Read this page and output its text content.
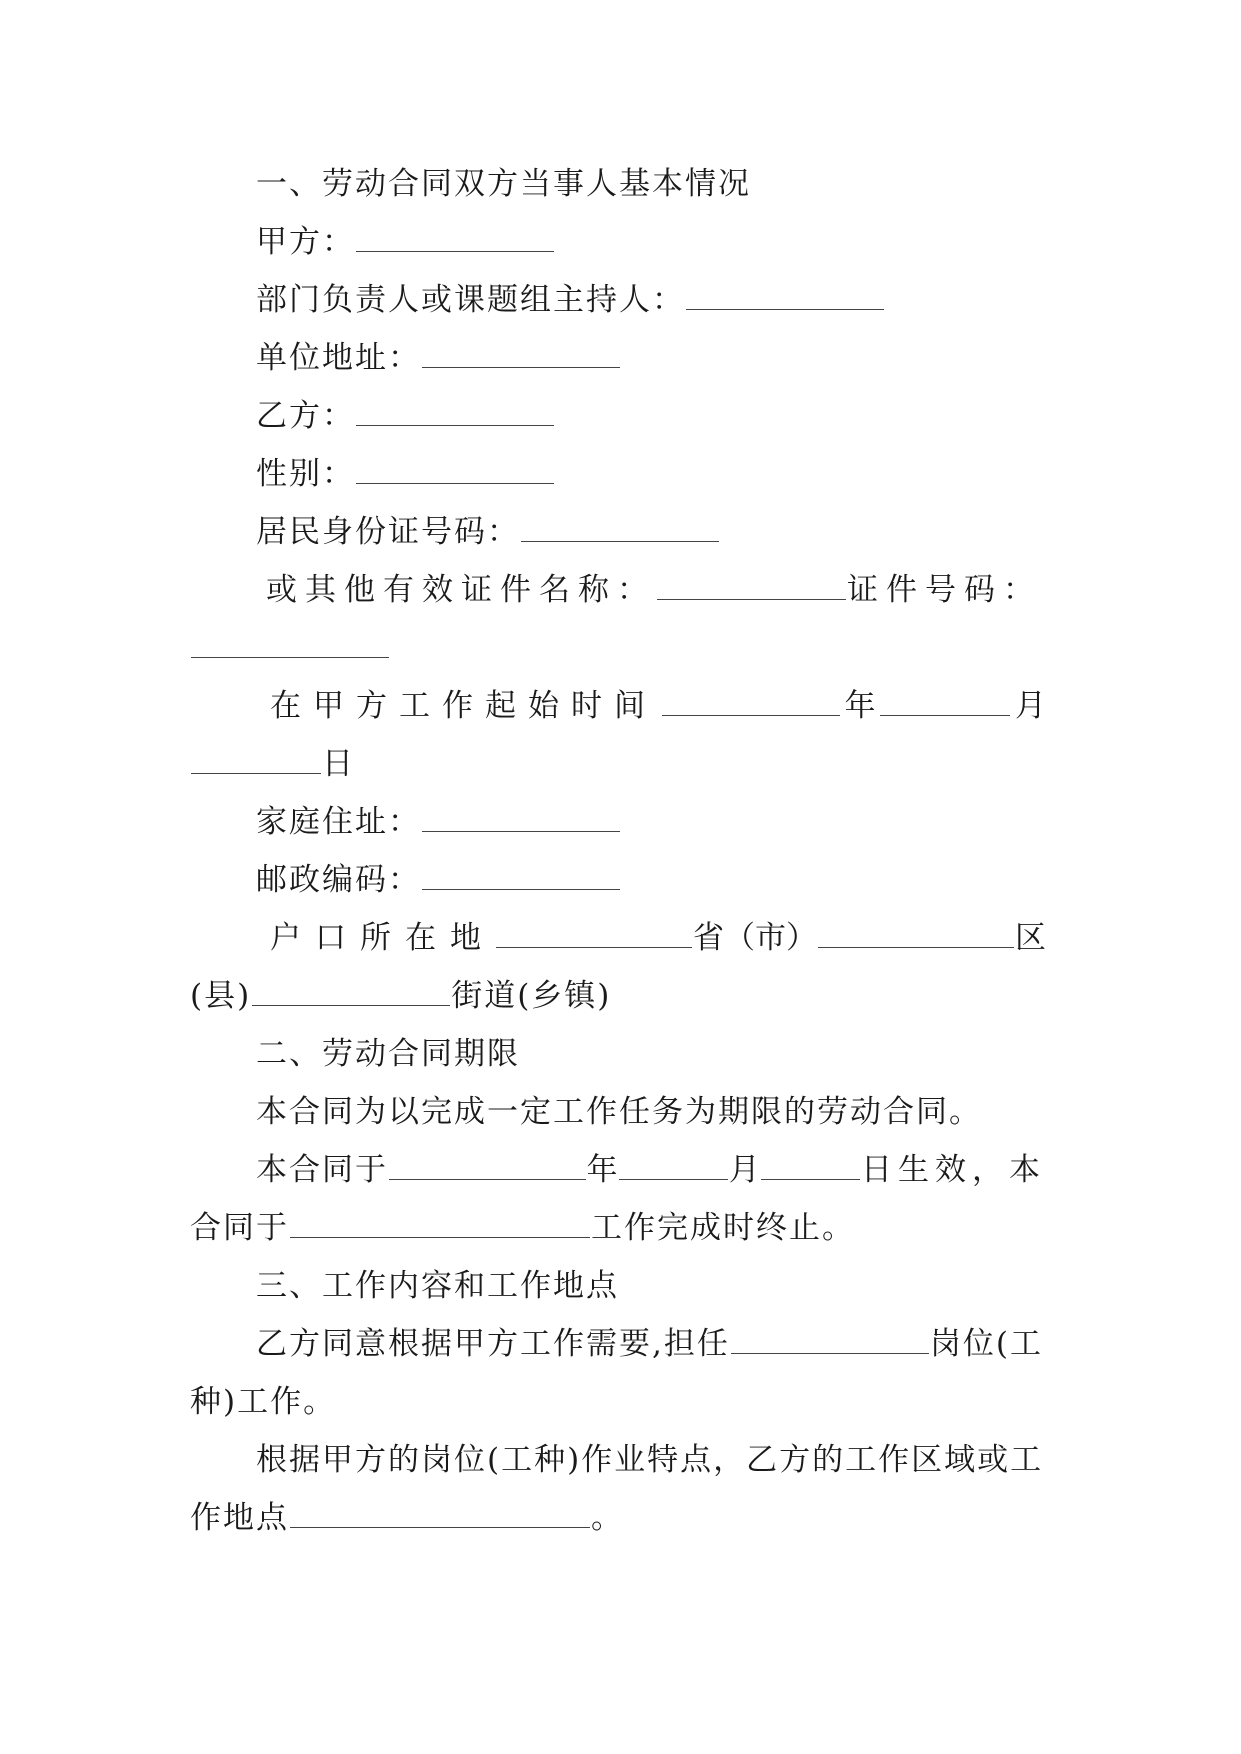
一、劳动合同双方当事人基本情况
甲方：
部门负责人或课题组主持人：
单位地址：
乙方：
性别：
居民身份证号码：
或其他有效证件名称：	证件号码：
在甲方工作起始时间	年	月
日
家庭住址：
邮政编码：
户口所在地	省（市）	区
(县)	街道(乡镇)
二、劳动合同期限
本合同为以完成一定工作任务为期限的劳动合同。
本合同于	年	月	日生效，本
合同于	工作完成时终止。
三、工作内容和工作地点
乙方同意根据甲方工作需要,担任	岗位(工
种)工作。
根据甲方的岗位(工种)作业特点，乙方的工作区域或工
作地点	。
